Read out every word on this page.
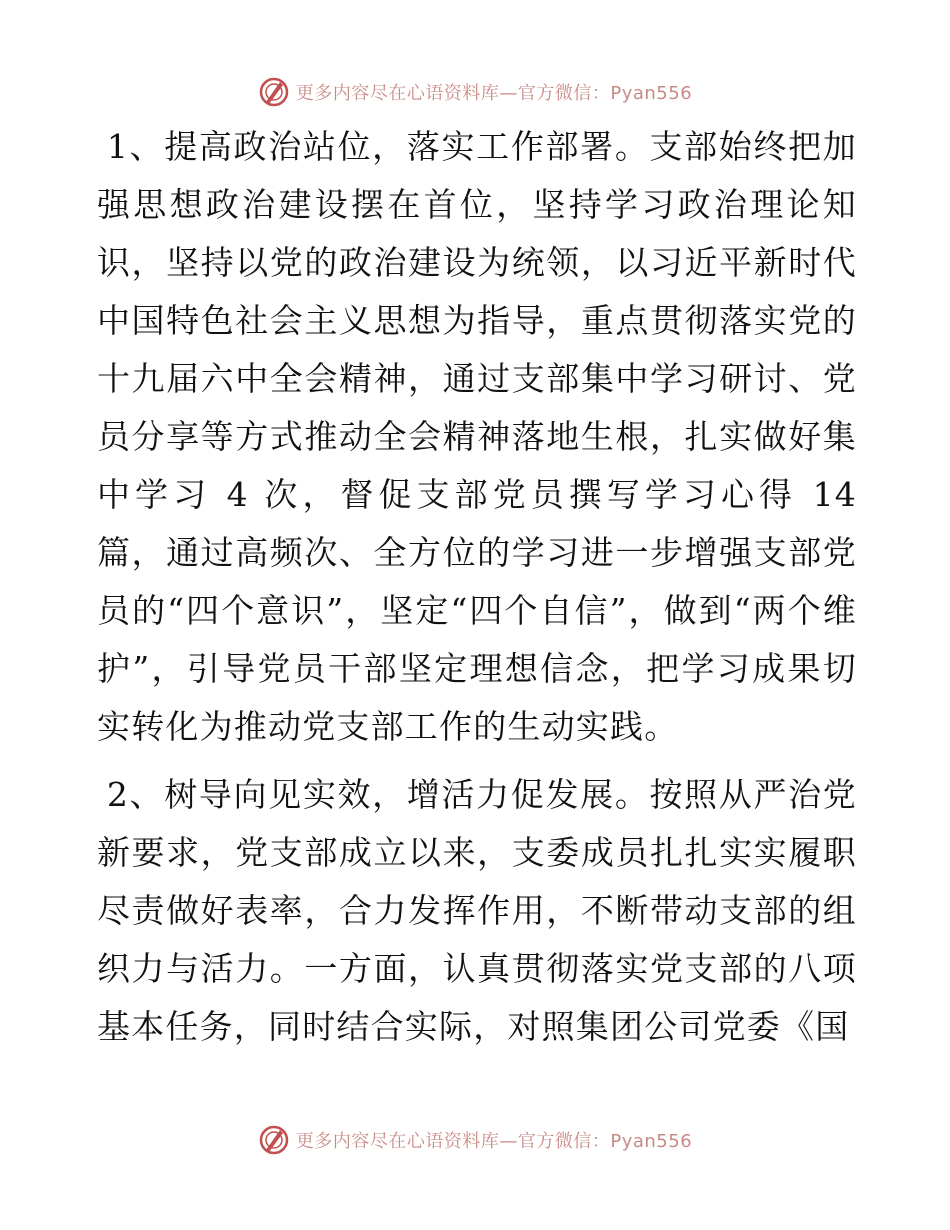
更多内容尽在心语资料库—官方微信：Pyan556

1、提高政治站位，落实工作部署。支部始终把加强思想政治建设摆在首位，坚持学习政治理论知识，坚持以党的政治建设为统领，以习近平新时代中国特色社会主义思想为指导，重点贯彻落实党的十九届六中全会精神，通过支部集中学习研讨、党员分享等方式推动全会精神落地生根，扎实做好集中学习 4 次，督促支部党员撰写学习心得 14 篇，通过高频次、全方位的学习进一步增强支部党员的“四个意识”，坚定“四个自信”，做到“两个维护”，引导党员干部坚定理想信念，把学习成果切实转化为推动党支部工作的生动实践。

2、树导向见实效，增活力促发展。按照从严治党新要求，党支部成立以来，支委成员扎扎实实履职尽责做好表率，合力发挥作用，不断带动支部的组织力与活力。一方面，认真贯彻落实党支部的八项基本任务，同时结合实际，对照集团公司党委《国

更多内容尽在心语资料库—官方微信：Pyan556
